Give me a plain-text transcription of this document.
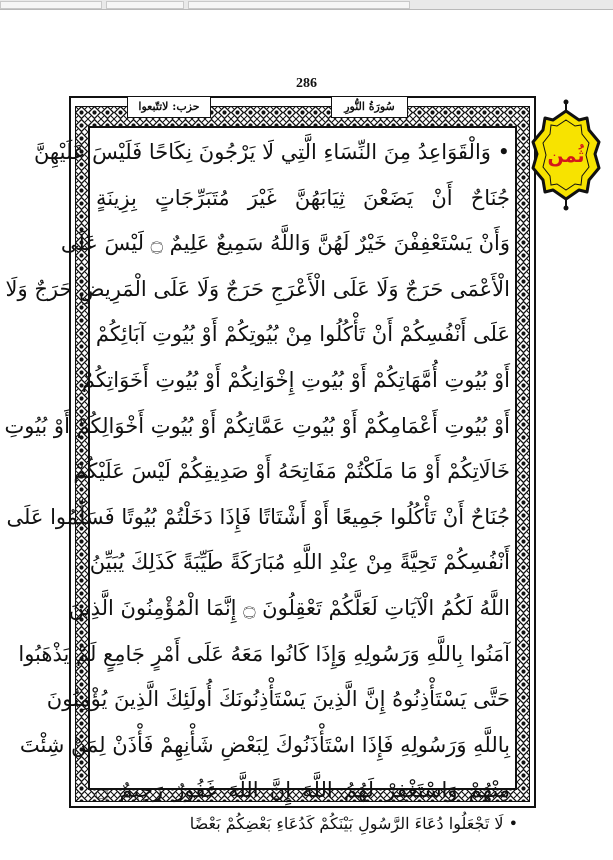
286
سُورَةُ النُّورِ
حزب: لاتتّبعوا
• وَالْقَوَاعِدُ مِنَ النِّسَاءِ الَّتِي لَا يَرْجُونَ نِكَاحًا فَلَيْسَ عَلَيْهِنَّ
جُنَاحٌ أَنْ يَضَعْنَ ثِيَابَهُنَّ غَيْرَ مُتَبَرِّجَاتٍ بِزِينَةٍ
وَأَنْ يَسْتَعْفِفْنَ خَيْرٌ لَهُنَّ وَاللَّهُ سَمِيعٌ عَلِيمٌ ۝ لَيْسَ عَلَى
الْأَعْمَى حَرَجٌ وَلَا عَلَى الْأَعْرَجِ حَرَجٌ وَلَا عَلَى الْمَرِيضِ حَرَجٌ وَلَا
عَلَى أَنْفُسِكُمْ أَنْ تَأْكُلُوا مِنْ بُيُوتِكُمْ أَوْ بُيُوتِ آبَائِكُمْ
أَوْ بُيُوتِ أُمَّهَاتِكُمْ أَوْ بُيُوتِ إِخْوَانِكُمْ أَوْ بُيُوتِ أَخَوَاتِكُمْ
أَوْ بُيُوتِ أَعْمَامِكُمْ أَوْ بُيُوتِ عَمَّاتِكُمْ أَوْ بُيُوتِ أَخْوَالِكُمْ أَوْ بُيُوتِ
خَالَاتِكُمْ أَوْ مَا مَلَكْتُمْ مَفَاتِحَهُ أَوْ صَدِيقِكُمْ لَيْسَ عَلَيْكُمْ
جُنَاحٌ أَنْ تَأْكُلُوا جَمِيعًا أَوْ أَشْتَاتًا فَإِذَا دَخَلْتُمْ بُيُوتًا فَسَلِّمُوا عَلَى
أَنْفُسِكُمْ تَحِيَّةً مِنْ عِنْدِ اللَّهِ مُبَارَكَةً طَيِّبَةً كَذَلِكَ يُبَيِّنُ
اللَّهُ لَكُمُ الْآيَاتِ لَعَلَّكُمْ تَعْقِلُونَ ۝ إِنَّمَا الْمُؤْمِنُونَ الَّذِينَ
آمَنُوا بِاللَّهِ وَرَسُولِهِ وَإِذَا كَانُوا مَعَهُ عَلَى أَمْرٍ جَامِعٍ لَمْ يَذْهَبُوا
حَتَّى يَسْتَأْذِنُوهُ إِنَّ الَّذِينَ يَسْتَأْذِنُونَكَ أُولَئِكَ الَّذِينَ يُؤْمِنُونَ
بِاللَّهِ وَرَسُولِهِ فَإِذَا اسْتَأْذَنُوكَ لِبَعْضِ شَأْنِهِمْ فَأْذَنْ لِمَنْ شِئْتَ
مِنْهُمْ وَاسْتَغْفِرْ لَهُمُ اللَّهَ إِنَّ اللَّهَ غَفُورٌ رَحِيمٌ ۝
• لَا تَجْعَلُوا دُعَاءَ الرَّسُولِ بَيْنَكُمْ كَدُعَاءِ بَعْضِكُمْ بَعْضًا
ثُمن
